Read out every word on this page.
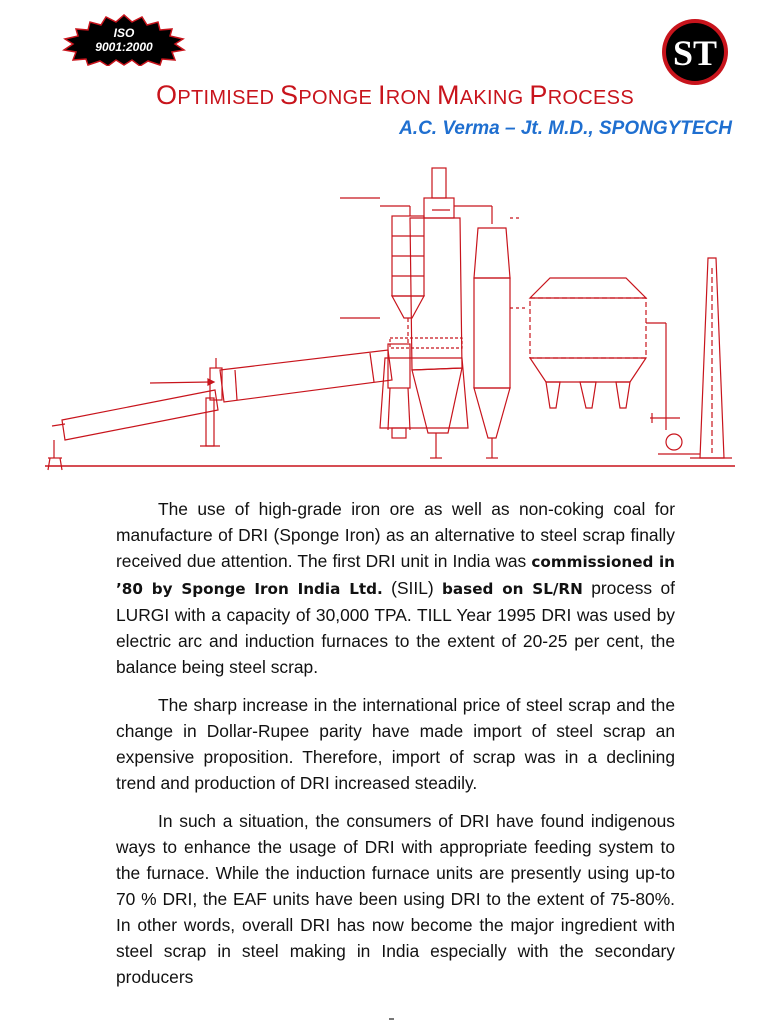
ISO
9001:2000	ST
OPTIMISED SPONGE IRON MAKING PROCESS
A.C. Verma – Jt. M.D., SPONGYTECH

The use of high-grade iron ore as well as non-coking coal for manufacture of DRI (Sponge Iron) as an alternative to steel scrap finally received due attention. The first DRI unit in India was commissioned in ’80 by Sponge Iron India Ltd. (SIIL) based on SL/RN process of LURGI with a capacity of 30,000 TPA. TILL Year 1995 DRI was used by electric arc and induction furnaces to the extent of 20-25 per cent, the balance being steel scrap.

The sharp increase in the international price of steel scrap and the change in Dollar-Rupee parity have made import of steel scrap an expensive proposition. Therefore, import of scrap was in a declining trend and production of DRI increased steadily.

In such a situation, the consumers of DRI have found indigenous ways to enhance the usage of DRI with appropriate feeding system to the furnace. While the induction furnace units are presently using up-to 70 % DRI, the EAF units have been using DRI to the extent of 75-80%. In other words, overall DRI has now become the major ingredient with steel scrap in steel making in India especially with the secondary producers
